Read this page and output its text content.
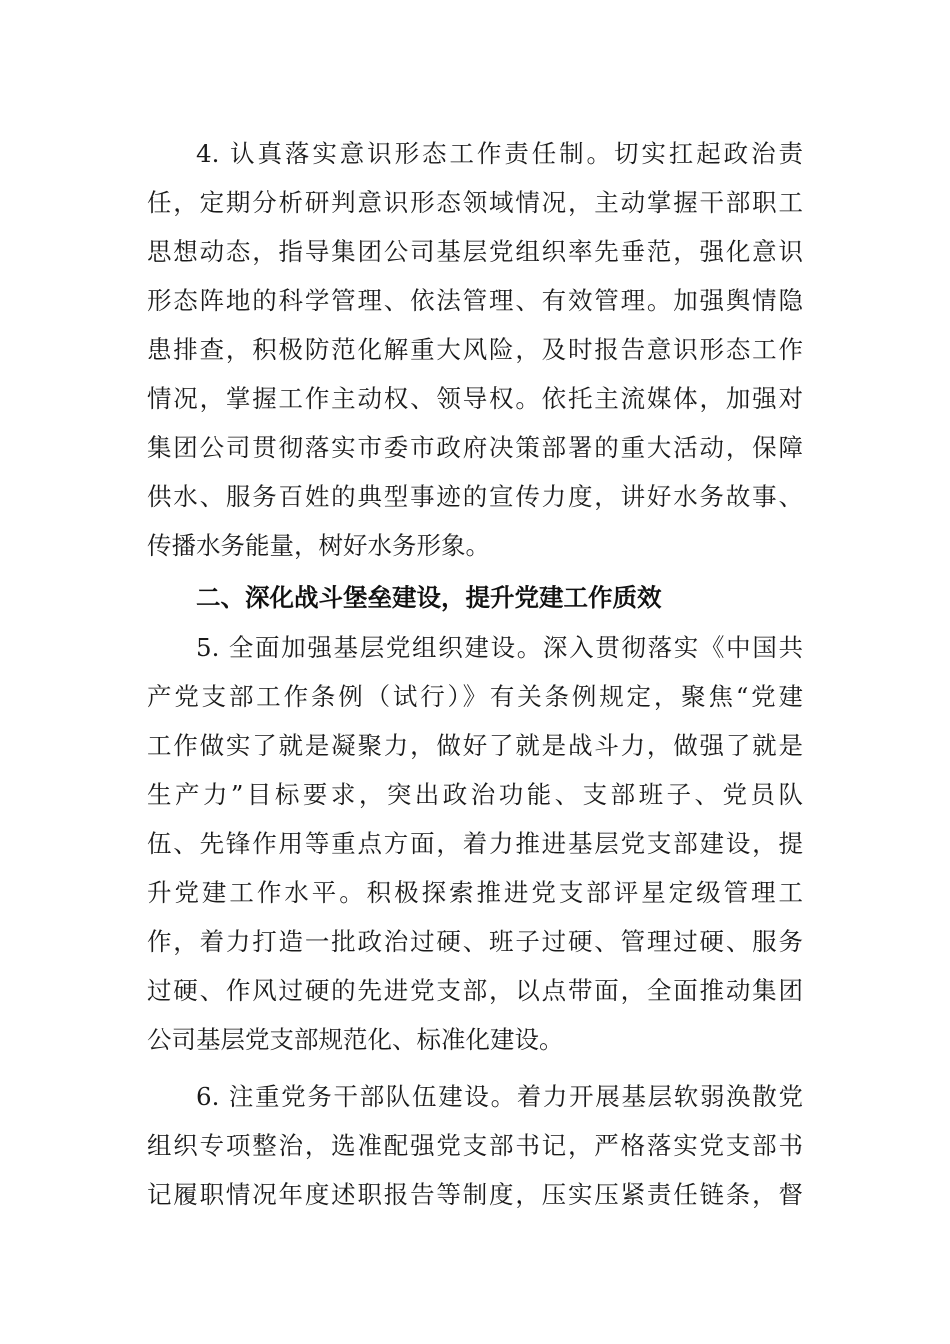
4. 认真落实意识形态工作责任制。切实扛起政治责
任，定期分析研判意识形态领域情况，主动掌握干部职工
思想动态，指导集团公司基层党组织率先垂范，强化意识
形态阵地的科学管理、依法管理、有效管理。加强舆情隐
患排查，积极防范化解重大风险，及时报告意识形态工作
情况，掌握工作主动权、领导权。依托主流媒体，加强对
集团公司贯彻落实市委市政府决策部署的重大活动，保障
供水、服务百姓的典型事迹的宣传力度，讲好水务故事、
传播水务能量，树好水务形象。
二、深化战斗堡垒建设，提升党建工作质效
5. 全面加强基层党组织建设。深入贯彻落实《中国共
产党支部工作条例（试行）》有关条例规定，聚焦“党建
工作做实了就是凝聚力，做好了就是战斗力，做强了就是
生产力”目标要求，突出政治功能、支部班子、党员队
伍、先锋作用等重点方面，着力推进基层党支部建设，提
升党建工作水平。积极探索推进党支部评星定级管理工
作，着力打造一批政治过硬、班子过硬、管理过硬、服务
过硬、作风过硬的先进党支部，以点带面，全面推动集团
公司基层党支部规范化、标准化建设。
6. 注重党务干部队伍建设。着力开展基层软弱涣散党
组织专项整治，选准配强党支部书记，严格落实党支部书
记履职情况年度述职报告等制度，压实压紧责任链条，督
